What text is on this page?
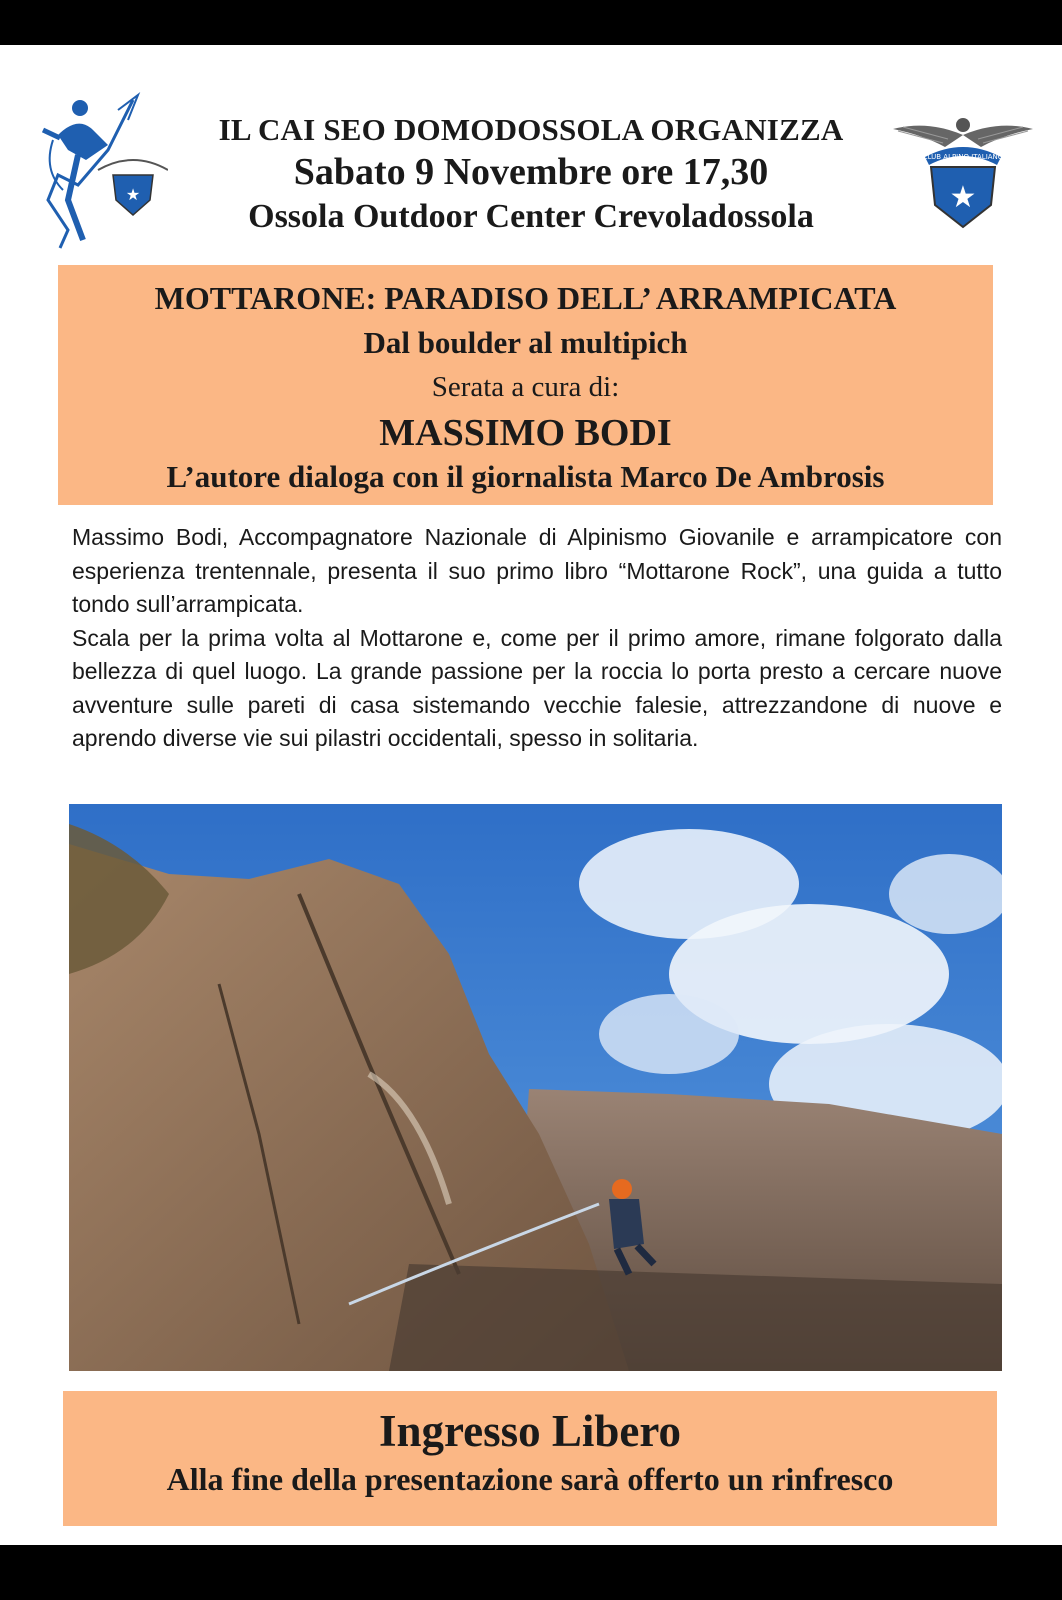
★
CLUB ALPINO ITALIANO
★
IL CAI SEO DOMODOSSOLA ORGANIZZA
Sabato 9 Novembre ore 17,30
Ossola Outdoor Center Crevoladossola
MOTTARONE: PARADISO DELL’ ARRAMPICATA
Dal boulder al multipich
Serata a cura di:
MASSIMO BODI
L’autore dialoga con il giornalista Marco De Ambrosis

Massimo Bodi, Accompagnatore Nazionale di Alpinismo Giovanile e arrampicatore con esperienza trentennale, presenta il suo primo libro “Mottarone Rock”, una guida a tutto tondo sull’arrampicata.

Scala per la prima volta al Mottarone e, come per il primo amore, rimane folgorato dalla bellezza di quel luogo. La grande passione per la roccia lo porta presto a cercare nuove avventure sulle pareti di casa sistemando vecchie falesie, attrezzandone di nuove e aprendo diverse vie sui pilastri occidentali, spesso in solitaria.

Ingresso Libero
Alla fine della presentazione sarà offerto un rinfresco
